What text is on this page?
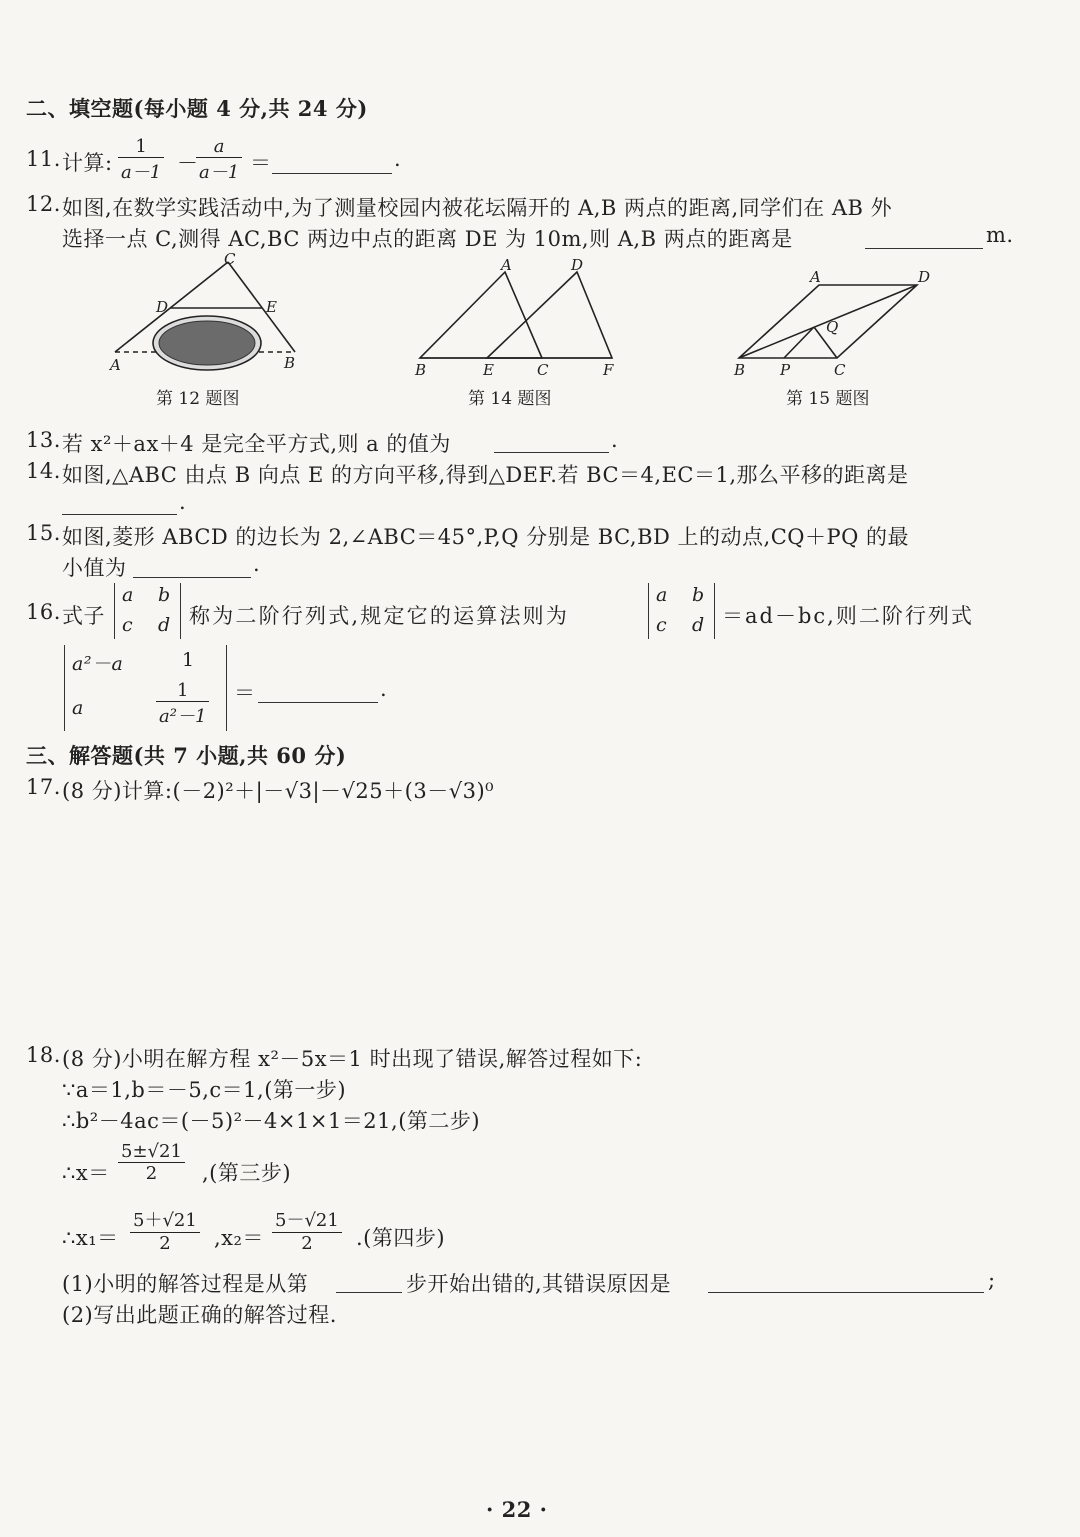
二、填空题(每小题 4 分,共 24 分)
11. 计算: $\frac{1}{a-1}$ －
$\frac{a}{a-1}$ ＝	.
12. 如图,在数学实践活动中,为了测量校园内被花坛隔开的 A,B 两点的距离,同学们在 AB 外
选择一点 C,测得 AC,BC 两边中点的距离 DE 为 10m,则 A,B 两点的距离是	m.
C
D	E
A	B
第 12 题图
A	D
B	E	C	F
第 14 题图
A	D
Q
B P	C
第 15 题图
13. 若 x²＋ax＋4 是完全平方式,则 a 的值为	.
14. 如图,△ABC 由点 B 向点 E 的方向平移,得到△DEF.若 BC＝4,EC＝1,那么平移的距离是
.
15. 如图,菱形 ABCD 的边长为 2,∠ABC＝45°,P,Q 分别是 BC,BD 上的动点,CQ＋PQ 的最
小值为	.
16. 式子
a b
c d 称为二阶行列式,规定它的运算法则为
a b
c d ＝ad－bc,则二阶行列式
a²－a	1
a	$\frac{1}{\text{a²－1}}$ ＝	.
三、解答题(共 7 小题,共 60 分)
17. (8 分)计算:(－2)²＋|－√3|－√25＋(3－√3)⁰
18. (8 分)小明在解方程 x²－5x＝1 时出现了错误,解答过程如下:
∵a＝1,b＝－5,c＝1,(第一步)
∴b²－4ac＝(－5)²－4×1×1＝21,(第二步)
∴x＝ $\frac{5\pm√21}{2}$ ,(第三步)
∴x₁＝ $\frac{5+√21}{2} ,x_2= \frac{5-√21}{2}$ .(第四步)
(1)小明的解答过程是从第	步开始出错的,其错误原因是	;
(2)写出此题正确的解答过程.
· 22 ·
